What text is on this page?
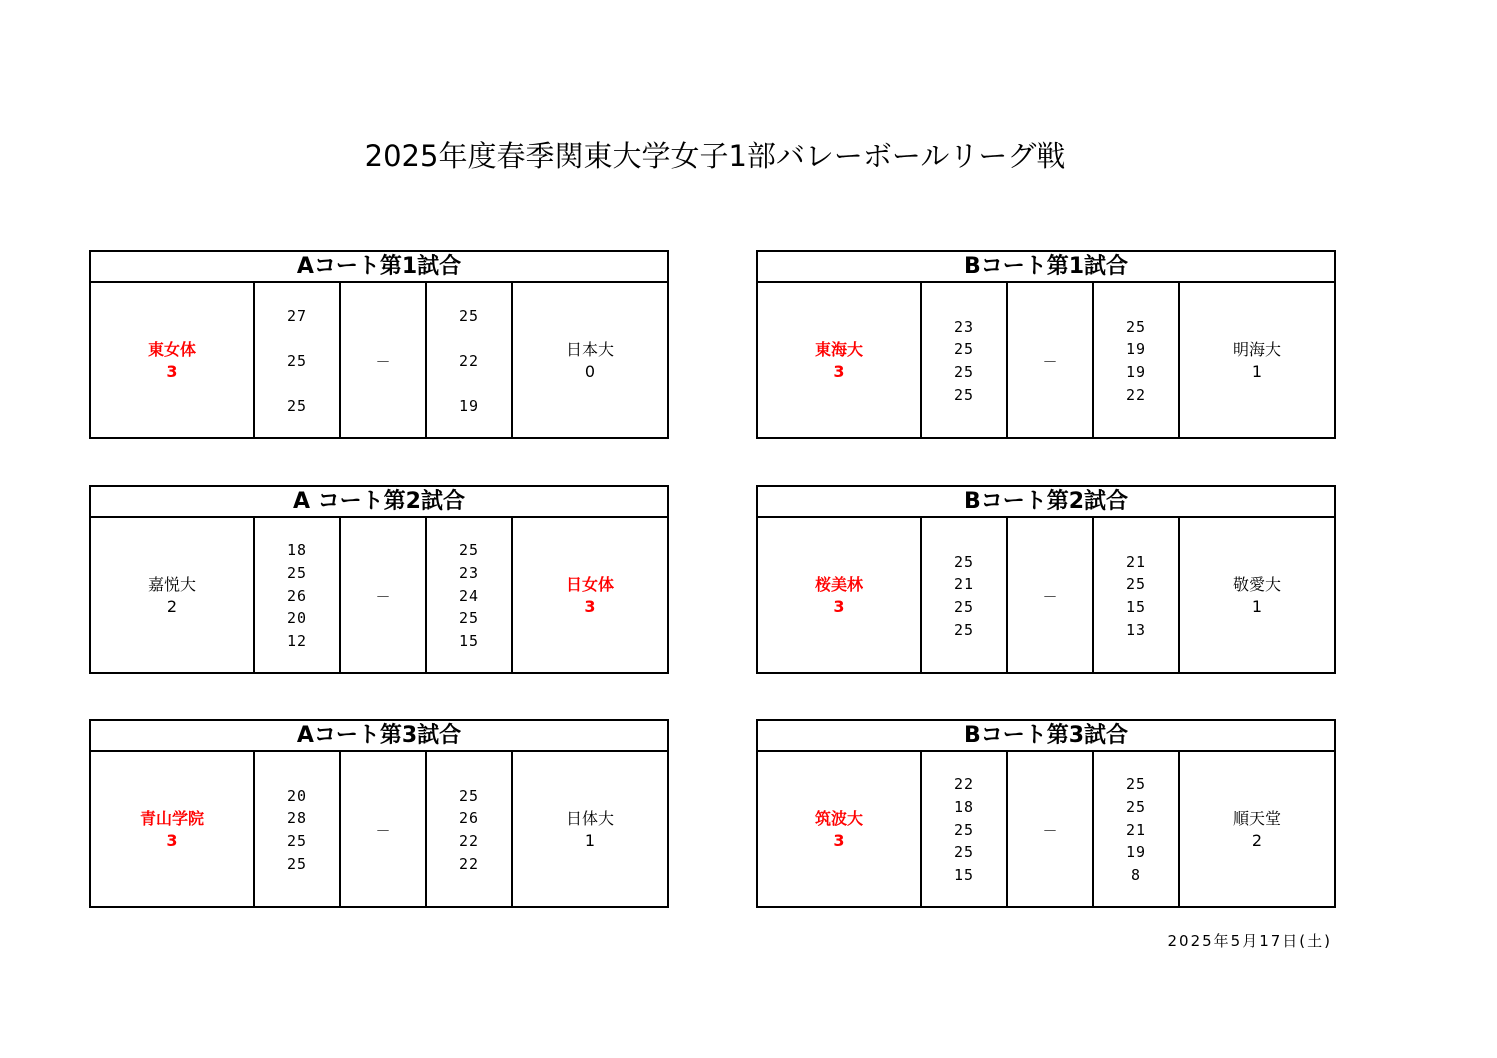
2025年度春季関東大学女子1部バレーボールリーグ戦
Aコート第1試合
東女体
3
27
25
25
－
25
22
19
日本大
0
Bコート第1試合
東海大
3
23
25
25
25
－
25
19
19
22
明海大
1
A コート第2試合
嘉悦大
2
18
25
26
20
12
－
25
23
24
25
15
日女体
3
Bコート第2試合
桜美林
3
25
21
25
25
－
21
25
15
13
敬愛大
1
Aコート第3試合
青山学院
3
20
28
25
25
－
25
26
22
22
日体大
1
Bコート第3試合
筑波大
3
22
18
25
25
15
－
25
25
21
19
8
順天堂
2
2025年5月17日(土)
